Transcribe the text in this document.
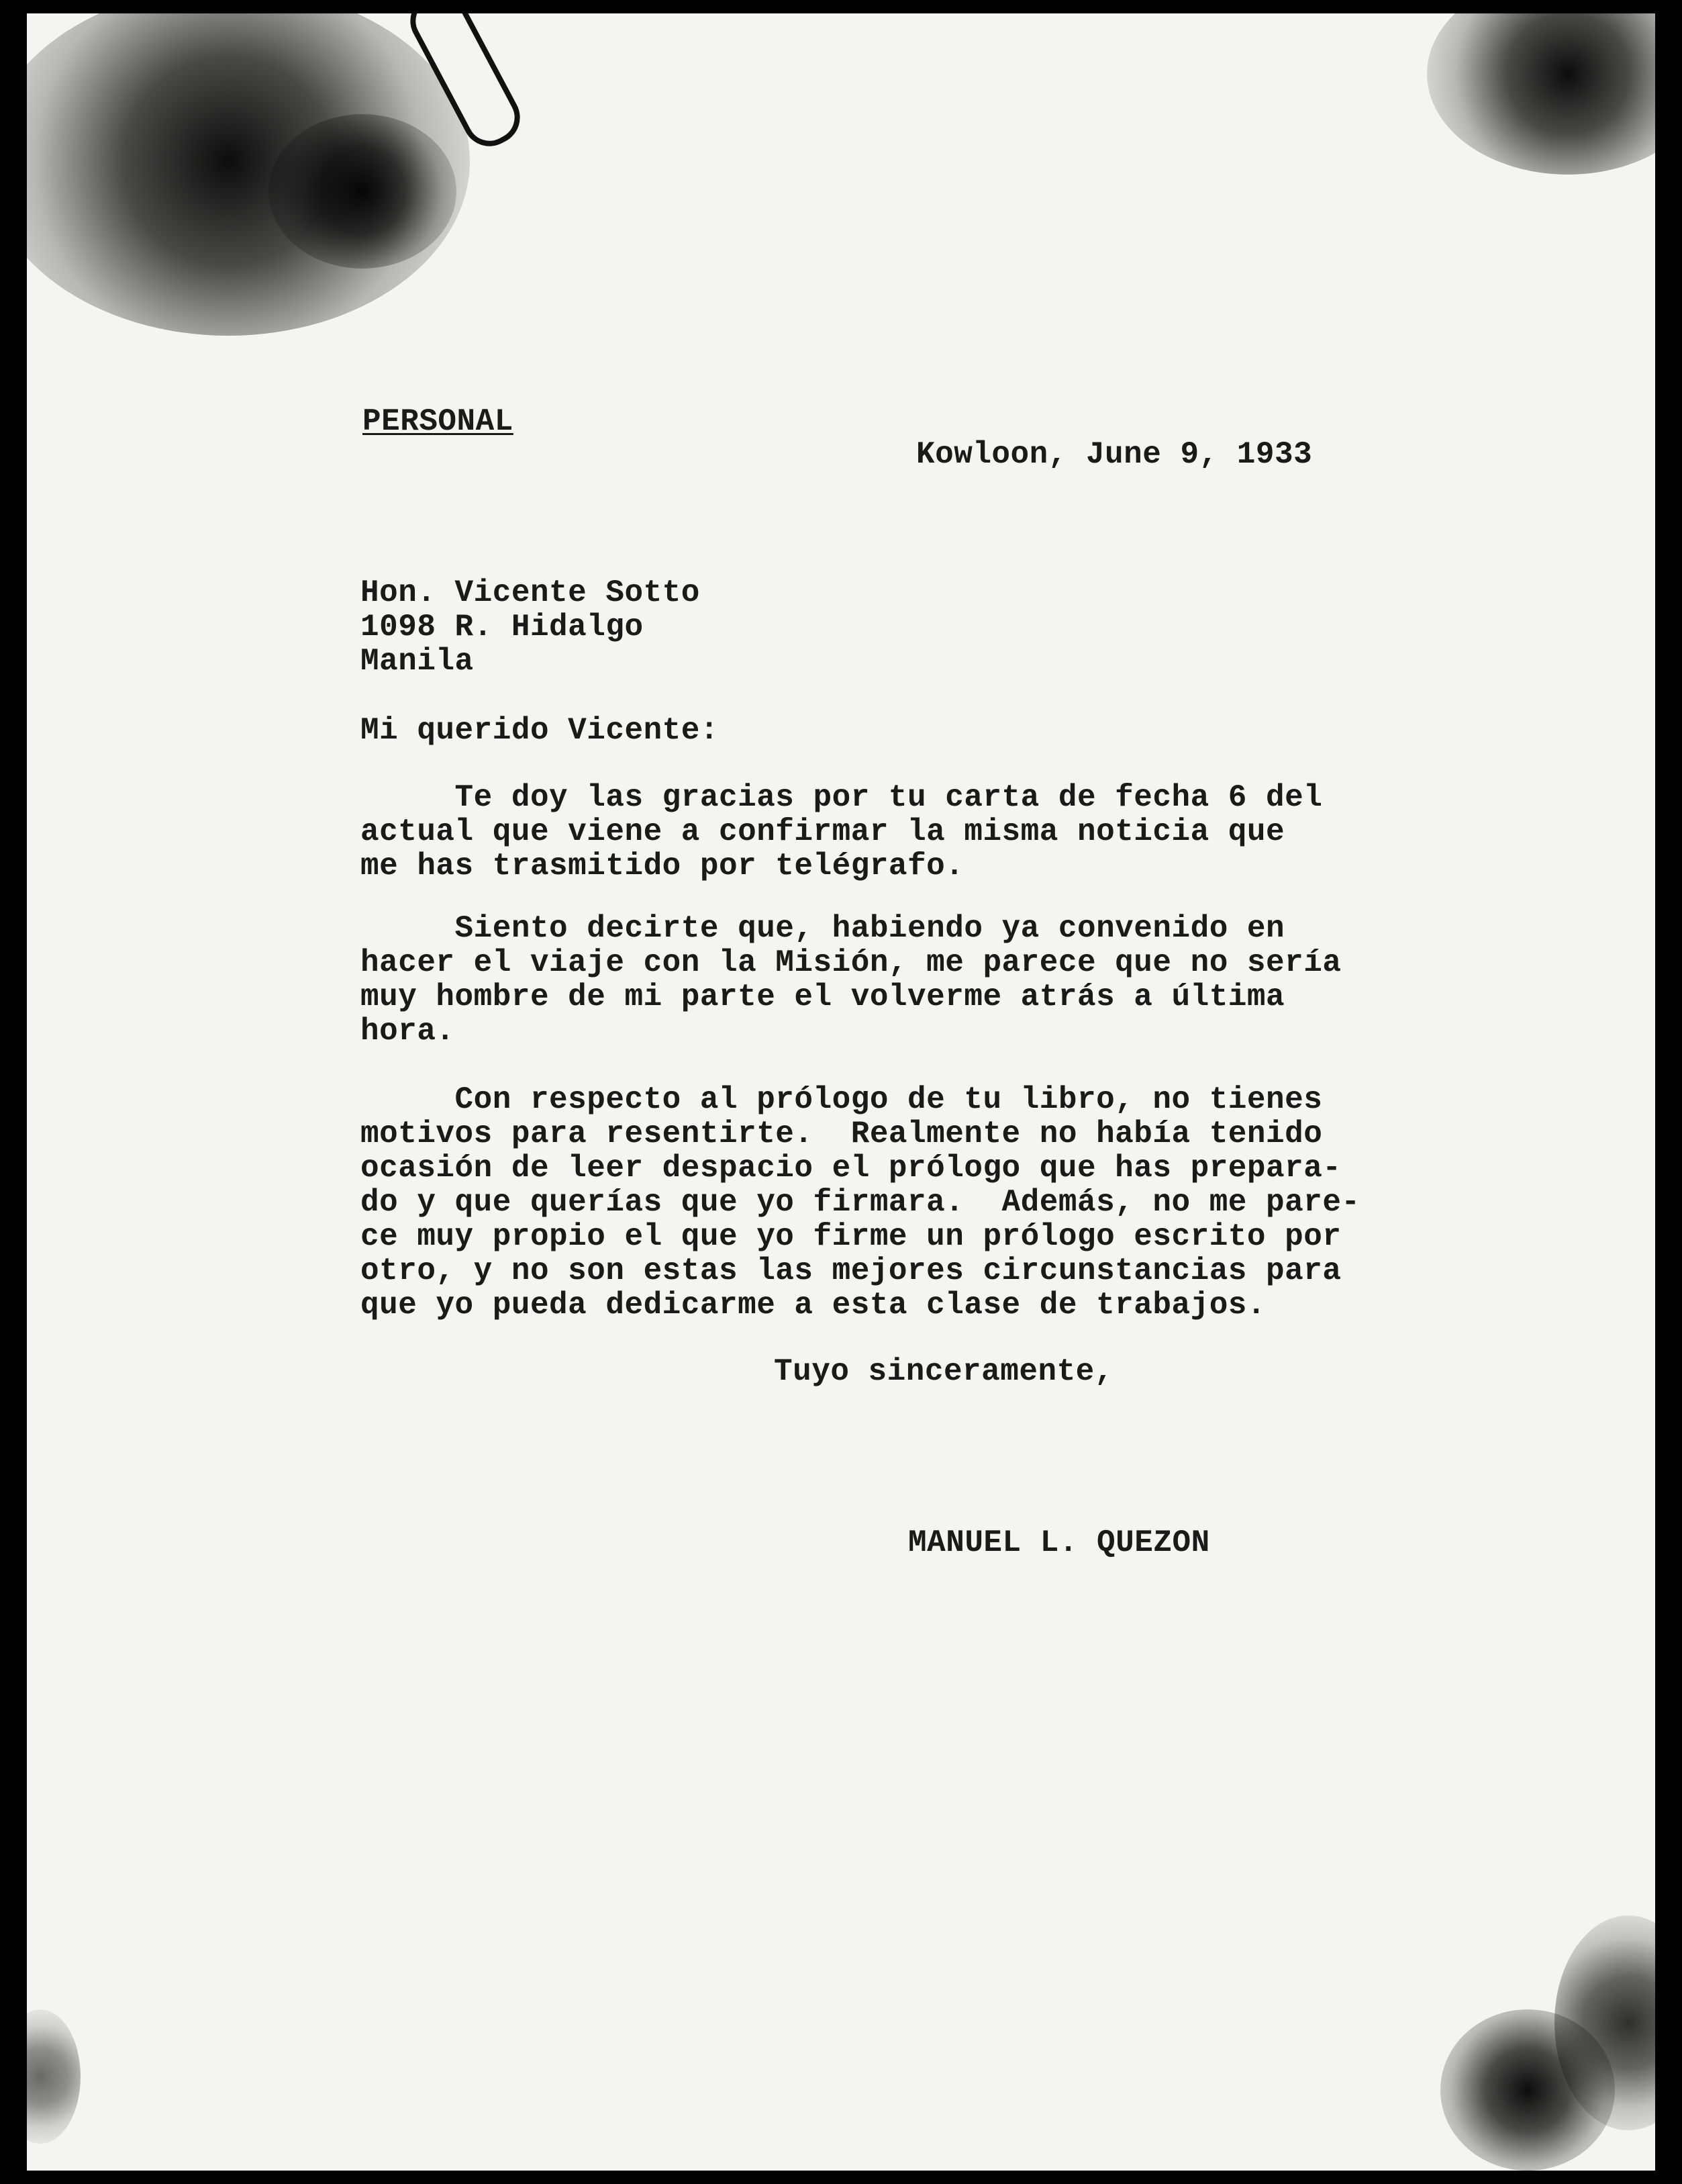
PERSONAL
Kowloon, June 9, 1933
Hon. Vicente Sotto
1098 R. Hidalgo
Manila
Mi querido Vicente:
Te doy las gracias por tu carta de fecha 6 del
actual que viene a confirmar la misma noticia que
me has trasmitido por telégrafo.
Siento decirte que, habiendo ya convenido en
hacer el viaje con la Misión, me parece que no sería
muy hombre de mi parte el volverme atrás a última
hora.
Con respecto al prólogo de tu libro, no tienes
motivos para resentirte.  Realmente no había tenido
ocasión de leer despacio el prólogo que has prepara-
do y que querías que yo firmara.  Además, no me pare-
ce muy propio el que yo firme un prólogo escrito por
otro, y no son estas las mejores circunstancias para
que yo pueda dedicarme a esta clase de trabajos.
Tuyo sinceramente,
MANUEL L. QUEZON
